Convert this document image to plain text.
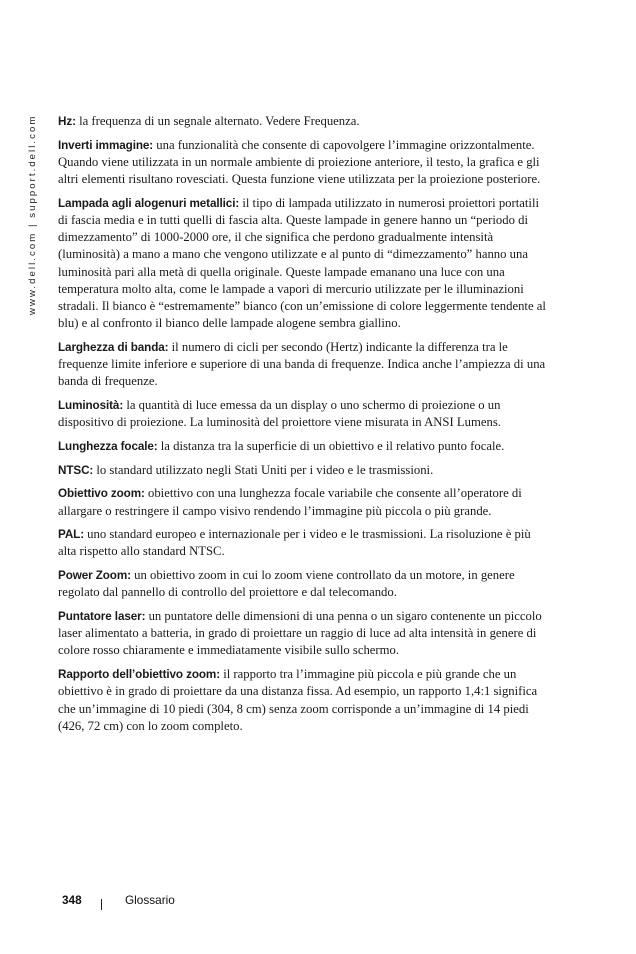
www.dell.com | support.dell.com Hz: la frequenza di un segnale alternato. Vedere Frequenza.

Inverti immagine: una funzionalità che consente di capovolgere l’immagine orizzontalmente. Quando viene utilizzata in un normale ambiente di proiezione anteriore, il testo, la grafica e gli altri elementi risultano rovesciati. Questa funzione viene utilizzata per la proiezione posteriore.

Lampada agli alogenuri metallici: il tipo di lampada utilizzato in numerosi proiettori portatili di fascia media e in tutti quelli di fascia alta. Queste lampade in genere hanno un “periodo di dimezzamento” di 1000-2000 ore, il che significa che perdono gradualmente intensità (luminosità) a mano a mano che vengono utilizzate e al punto di “dimezzamento” hanno una luminosità pari alla metà di quella originale. Queste lampade emanano una luce con una temperatura molto alta, come le lampade a vapori di mercurio utilizzate per le illuminazioni stradali. Il bianco è “estremamente” bianco (con un’emissione di colore leggermente tendente al blu) e al confronto il bianco delle lampade alogene sembra giallino.

Larghezza di banda: il numero di cicli per secondo (Hertz) indicante la differenza tra le frequenze limite inferiore e superiore di una banda di frequenze. Indica anche l’ampiezza di una banda di frequenze.

Luminosità: la quantità di luce emessa da un display o uno schermo di proiezione o un dispositivo di proiezione. La luminosità del proiettore viene misurata in ANSI Lumens.

Lunghezza focale: la distanza tra la superficie di un obiettivo e il relativo punto focale.

NTSC: lo standard utilizzato negli Stati Uniti per i video e le trasmissioni.

Obiettivo zoom: obiettivo con una lunghezza focale variabile che consente all’operatore di allargare o restringere il campo visivo rendendo l’immagine più piccola o più grande.

PAL: uno standard europeo e internazionale per i video e le trasmissioni. La risoluzione è più alta rispetto allo standard NTSC.

Power Zoom: un obiettivo zoom in cui lo zoom viene controllato da un motore, in genere regolato dal pannello di controllo del proiettore e dal telecomando.

Puntatore laser: un puntatore delle dimensioni di una penna o un sigaro contenente un piccolo laser alimentato a batteria, in grado di proiettare un raggio di luce ad alta intensità in genere di colore rosso chiaramente e immediatamente visibile sullo schermo.

Rapporto dell’obiettivo zoom: il rapporto tra l’immagine più piccola e più grande che un obiettivo è in grado di proiettare da una distanza fissa. Ad esempio, un rapporto 1,4:1 significa che un’immagine di 10 piedi (304, 8 cm) senza zoom corrisponde a un’immagine di 14 piedi (426, 72 cm) con lo zoom completo.

348	Glossario
